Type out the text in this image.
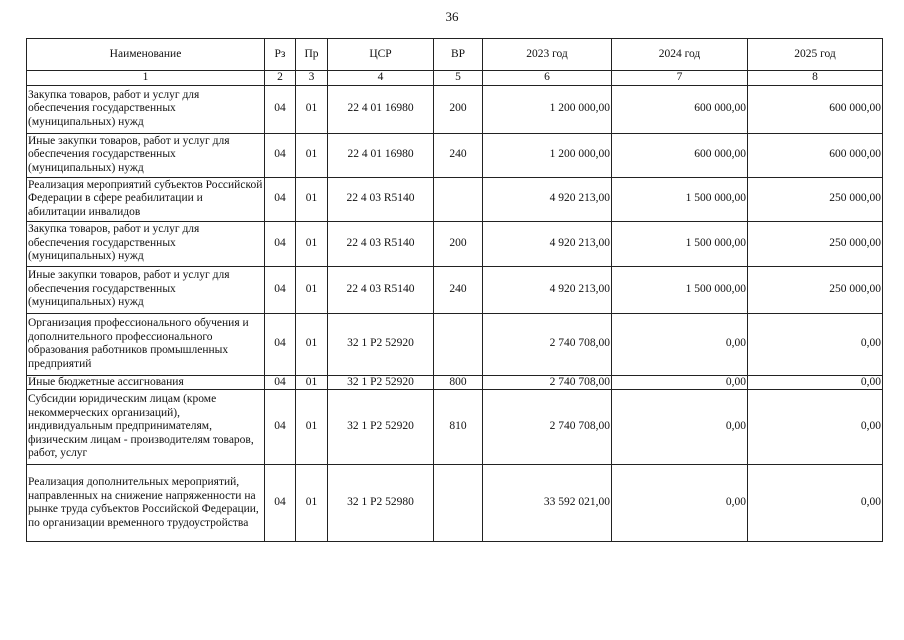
36
Наименование	Рз	Пр	ЦСР	ВР	2023 год	2024 год	2025 год
1	2	3	4	5	6	7	8
Закупка товаров, работ и услуг для обеспечения государственных (муниципальных) нужд	04	01	22 4 01 16980	200	1 200 000,00	600 000,00	600 000,00
Иные закупки товаров, работ и услуг для обеспечения государственных (муниципальных) нужд	04	01	22 4 01 16980	240	1 200 000,00	600 000,00	600 000,00
Реализация мероприятий субъектов Российской Федерации в сфере реабилитации и абилитации инвалидов	04	01	22 4 03 R5140		4 920 213,00	1 500 000,00	250 000,00
Закупка товаров, работ и услуг для обеспечения государственных (муниципальных) нужд	04	01	22 4 03 R5140	200	4 920 213,00	1 500 000,00	250 000,00
Иные закупки товаров, работ и услуг для обеспечения государственных (муниципальных) нужд	04	01	22 4 03 R5140	240	4 920 213,00	1 500 000,00	250 000,00
Организация профессионального обучения и дополнительного профессионального образования работников промышленных предприятий	04	01	32 1 P2 52920		2 740 708,00	0,00	0,00
Иные бюджетные ассигнования	04	01	32 1 P2 52920	800	2 740 708,00	0,00	0,00
Субсидии юридическим лицам (кроме некоммерческих организаций), индивидуальным предпринимателям, физическим лицам - производителям товаров, работ, услуг	04	01	32 1 P2 52920	810	2 740 708,00	0,00	0,00
Реализация дополнительных мероприятий, направленных на снижение напряженности на рынке труда субъектов Российской Федерации, по организации временного трудоустройства	04	01	32 1 P2 52980		33 592 021,00	0,00	0,00
